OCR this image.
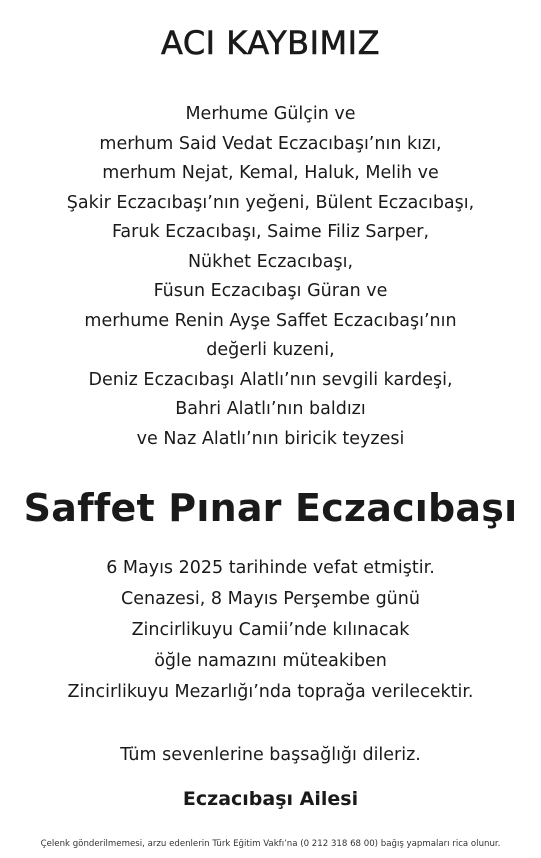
ACI KAYBIMIZ
Merhume Gülçin ve
merhum Said Vedat Eczacıbaşı’nın kızı,
merhum Nejat, Kemal, Haluk, Melih ve
Şakir Eczacıbaşı’nın yeğeni, Bülent Eczacıbaşı,
Faruk Eczacıbaşı, Saime Filiz Sarper,
Nükhet Eczacıbaşı,
Füsun Eczacıbaşı Güran ve
merhume Renin Ayşe Saffet Eczacıbaşı’nın
değerli kuzeni,
Deniz Eczacıbaşı Alatlı’nın sevgili kardeşi,
Bahri Alatlı’nın baldızı
ve Naz Alatlı’nın biricik teyzesi
Saffet Pınar Eczacıbaşı
6 Mayıs 2025 tarihinde vefat etmiştir.
Cenazesi, 8 Mayıs Perşembe günü
Zincirlikuyu Camii’nde kılınacak
öğle namazını müteakiben
Zincirlikuyu Mezarlığı’nda toprağa verilecektir.
Tüm sevenlerine başsağlığı dileriz.
Eczacıbaşı Ailesi
Çelenk gönderilmemesi, arzu edenlerin Türk Eğitim Vakfı’na (0 212 318 68 00) bağış yapmaları rica olunur.
